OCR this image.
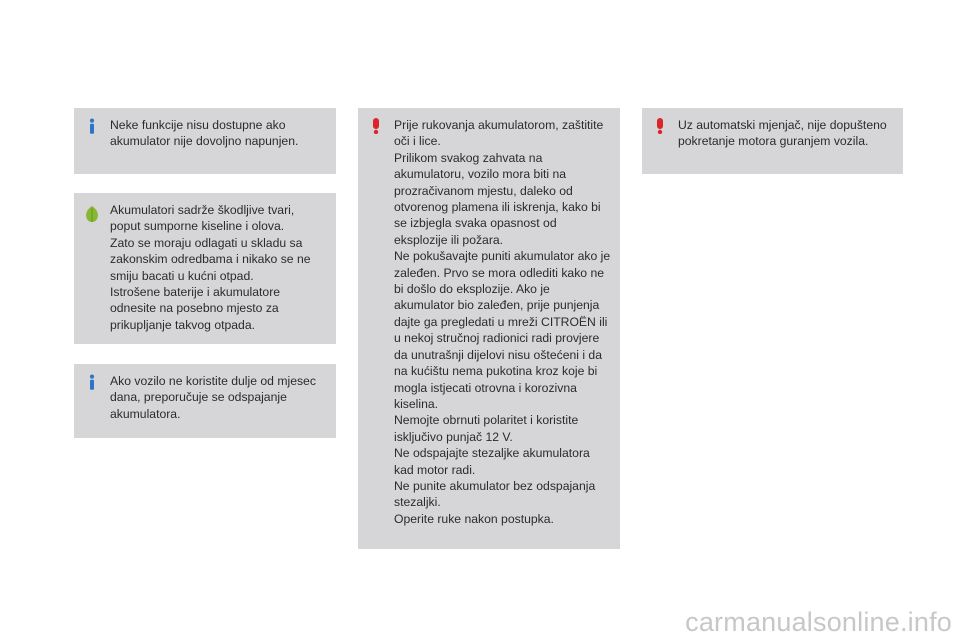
Neke funkcije nisu dostupne ako akumulator nije dovoljno napunjen.

Akumulatori sadrže škodljive tvari, poput sumporne kiseline i olova.

Zato se moraju odlagati u skladu sa zakonskim odredbama i nikako se ne smiju bacati u kućni otpad.

Istrošene baterije i akumulatore odnesite na posebno mjesto za prikupljanje takvog otpada.

Ako vozilo ne koristite dulje od mjesec dana, preporučuje se odspajanje akumulatora.

Prije rukovanja akumulatorom, zaštitite oči i lice.

Prilikom svakog zahvata na akumulatoru, vozilo mora biti na prozračivanom mjestu, daleko od otvorenog plamena ili iskrenja, kako bi se izbjegla svaka opasnost od eksplozije ili požara.

Ne pokušavajte puniti akumulator ako je zaleđen. Prvo se mora odlediti kako ne bi došlo do eksplozije. Ako je akumulator bio zaleđen, prije punjenja dajte ga pregledati u mreži CITROËN ili u nekoj stručnoj radionici radi provjere da unutrašnji dijelovi nisu oštećeni i da na kućištu nema pukotina kroz koje bi mogla istjecati otrovna i korozivna kiselina.

Nemojte obrnuti polaritet i koristite isključivo punjač 12 V.

Ne odspajajte stezaljke akumulatora kad motor radi.

Ne punite akumulator bez odspajanja stezaljki.

Operite ruke nakon postupka.

Uz automatski mjenjač, nije dopušteno pokretanje motora guranjem vozila.

carmanualsonline.info
